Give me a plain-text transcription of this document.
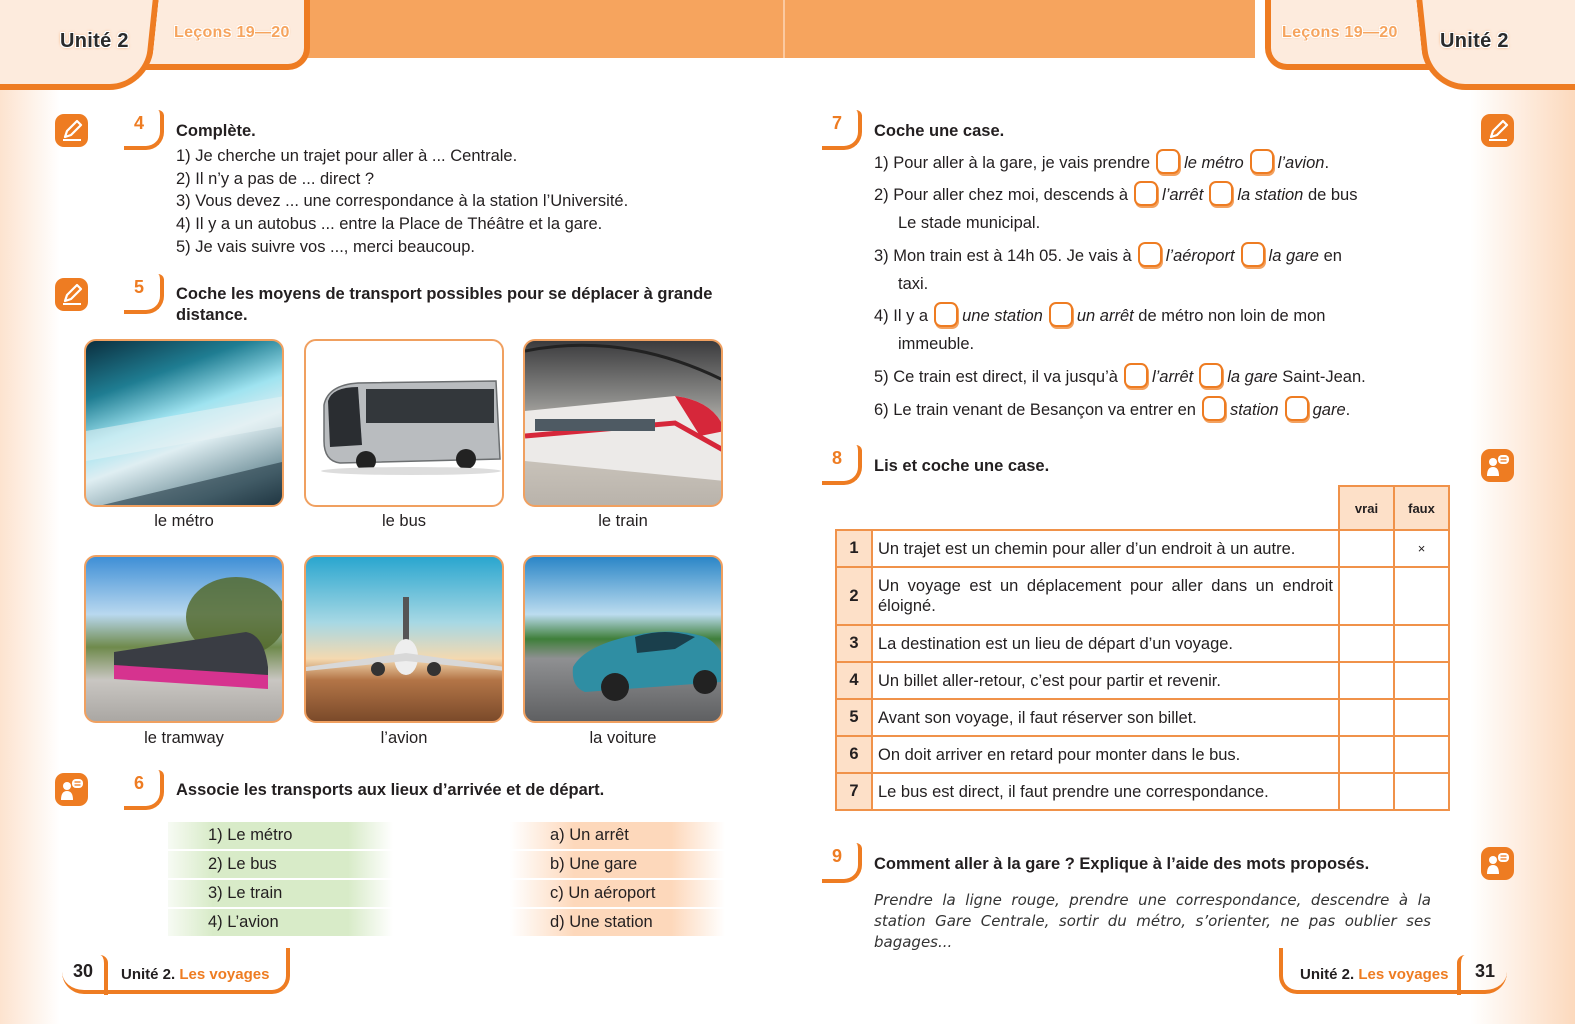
Unité 2	Leçons 19—20
4 Complète.
1) Je cherche un trajet pour aller à ... Centrale.
2) Il n’y a pas de ... direct ?
3) Vous devez ... une correspondance à la station l’Université.
4) Il y a un autobus ... entre la Place de Théâtre et la gare.
5) Je vais suivre vos ..., merci beaucoup.
5 Coche les moyens de transport possibles pour se déplacer à grande
distance.
le métro	le bus	le train
le tramway	l’avion	la voiture
6 Associe les transports aux lieux d’arrivée et de départ.
1) Le métro
2) Le bus
3) Le train
4) L’avion
a) Un arrêt
b) Une gare
c) Un aéroport
d) Une station
30 Unité 2. Les voyages
Leçons 19—20 Unité 2
7 Coche une case.
1) Pour aller à la gare, je vais prendre le métro l’avion.
2) Pour aller chez moi, descends à l’arrêt la station de bus
Le stade municipal.
3) Mon train est à 14h 05. Je vais à l’aéroport la gare en
taxi.
4) Il y a une station un arrêt de métro non loin de mon
immeuble.
5) Ce train est direct, il va jusqu’à l’arrêt la gare Saint-Jean.
6) Le train venant de Besançon va entrer en station gare.
8 Lis et coche une case.
		vrai	faux
1	Un trajet est un chemin pour aller d’un endroit à un autre.		×
2	Un voyage est un déplacement pour aller dans un endroit éloigné.		
3	La destination est un lieu de départ d’un voyage.		
4	Un billet aller-retour, c’est pour partir et revenir.		
5	Avant son voyage, il faut réserver son billet.		
6	On doit arriver en retard pour monter dans le bus.		
7	Le bus est direct, il faut prendre une correspondance.		
9 Comment aller à la gare ? Explique à l’aide des mots proposés.
Prendre la ligne rouge, prendre une correspondance, descendre à la station Gare Centrale, sortir du métro, s’orienter, ne pas oublier ses bagages...
Unité 2. Les voyages 31
